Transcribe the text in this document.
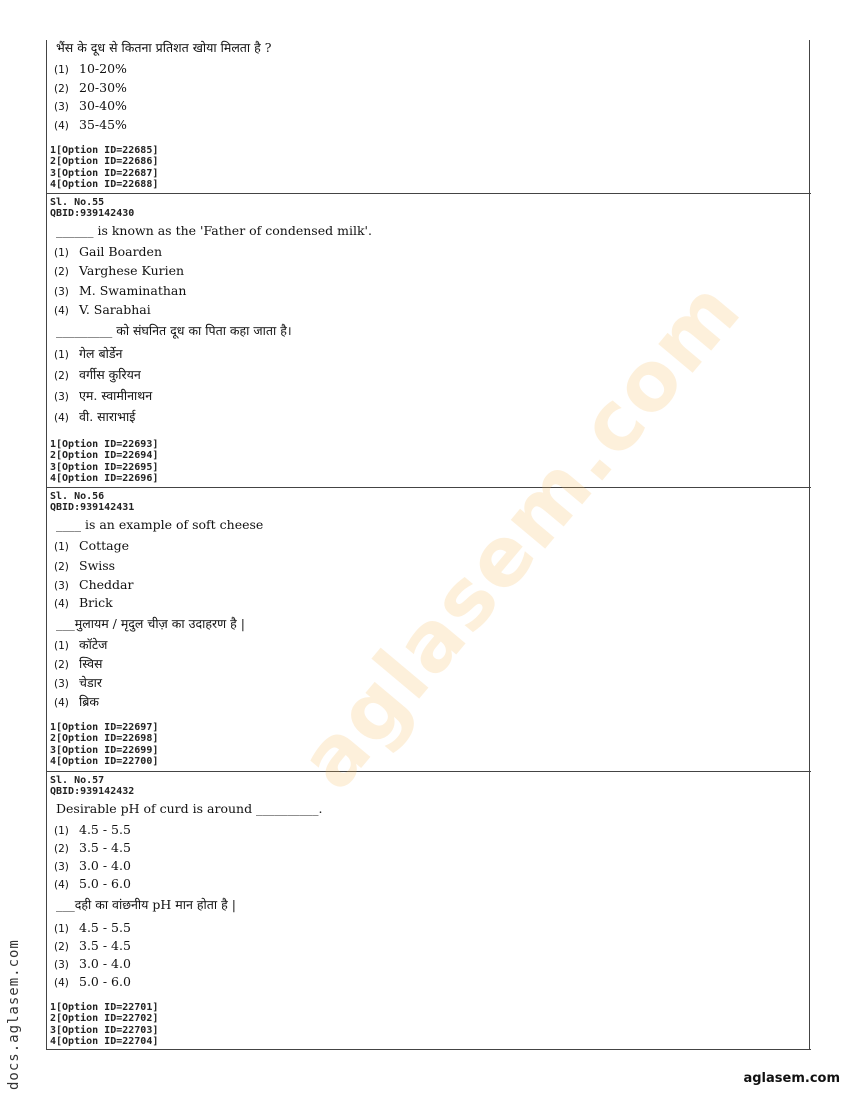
भैंस के दूध से कितना प्रतिशत खोया मिलता है ?
(1) 10-20%
(2) 20-30%
(3) 30-40%
(4) 35-45%
1[Option ID=22685]
2[Option ID=22686]
3[Option ID=22687]
4[Option ID=22688]
Sl. No.55
QBID:939142430
______ is known as the 'Father of condensed milk'.
(1) Gail Boarden
(2) Varghese Kurien
(3) M. Swaminathan
(4) V. Sarabhai
_________ को संघनित दूध का पिता कहा जाता है।
(1) गेल बोर्डेन
(2) वर्गीस कुरियन
(3) एम. स्वामीनाथन
(4) वी. साराभाई
1[Option ID=22693]
2[Option ID=22694]
3[Option ID=22695]
4[Option ID=22696]
Sl. No.56
QBID:939142431
____ is an example of soft cheese
(1) Cottage
(2) Swiss
(3) Cheddar
(4) Brick
___मुलायम / मृदुल चीज़ का उदाहरण है |
(1) कॉटेज
(2) स्विस
(3) चेडार
(4) ब्रिक
1[Option ID=22697]
2[Option ID=22698]
3[Option ID=22699]
4[Option ID=22700]
Sl. No.57
QBID:939142432
Desirable pH of curd is around __________.
(1) 4.5 - 5.5
(2) 3.5 - 4.5
(3) 3.0 - 4.0
(4) 5.0 - 6.0
___दही का वांछनीय pH मान होता है |
(1) 4.5 - 5.5
(2) 3.5 - 4.5
(3) 3.0 - 4.0
(4) 5.0 - 6.0
1[Option ID=22701]
2[Option ID=22702]
3[Option ID=22703]
4[Option ID=22704]
aglasem.com
docs.aglasem.com	aglasem.com
